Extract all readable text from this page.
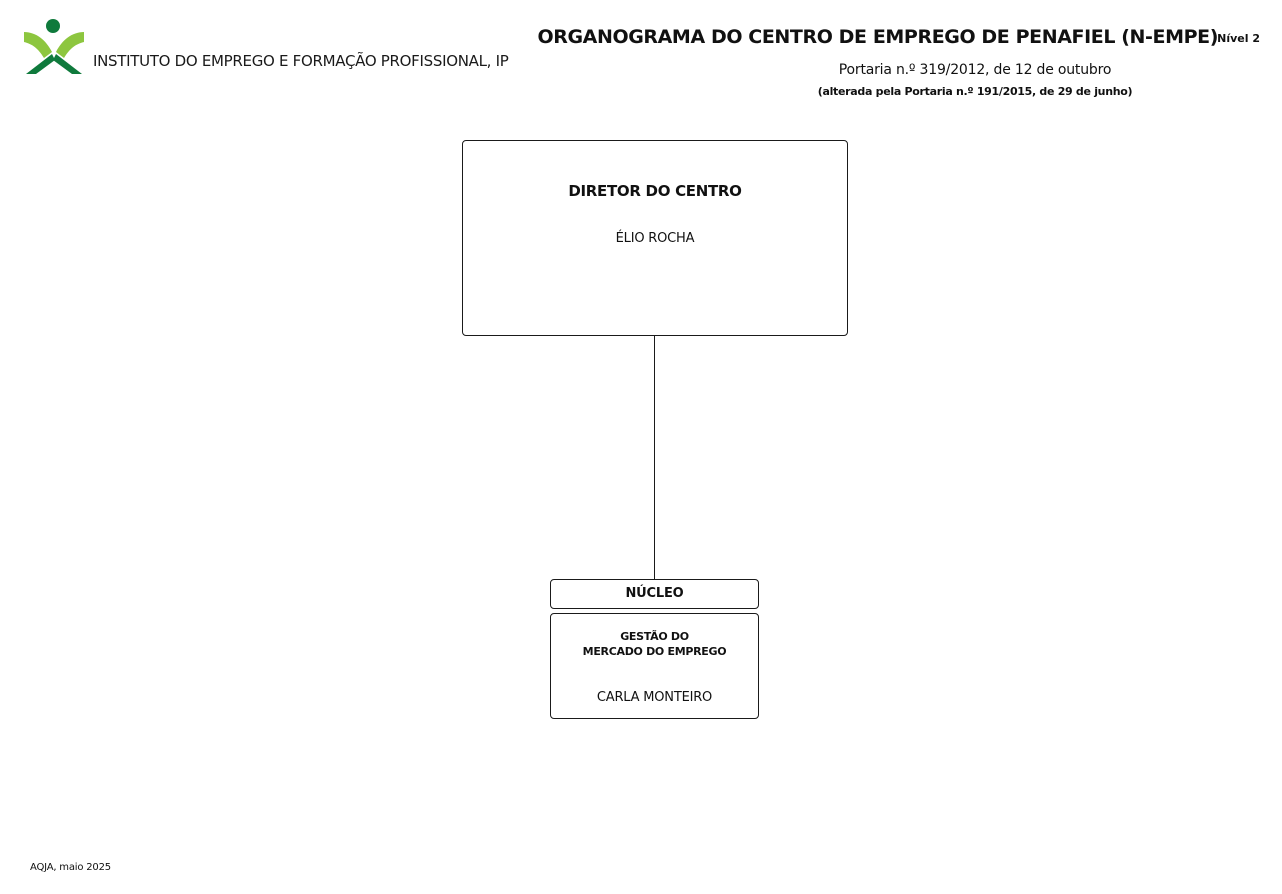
INSTITUTO DO EMPREGO E FORMAÇÃO PROFISSIONAL, IP
ORGANOGRAMA DO CENTRO DE EMPREGO DE PENAFIEL (N-EMPE) Nível 2
Portaria n.º 319/2012, de 12 de outubro
(alterada pela Portaria n.º 191/2015, de 29 de junho)
DIRETOR DO CENTRO
ÉLIO ROCHA
NÚCLEO
GESTÃO DO
MERCADO DO EMPREGO
CARLA MONTEIRO
AQJA, maio 2025
